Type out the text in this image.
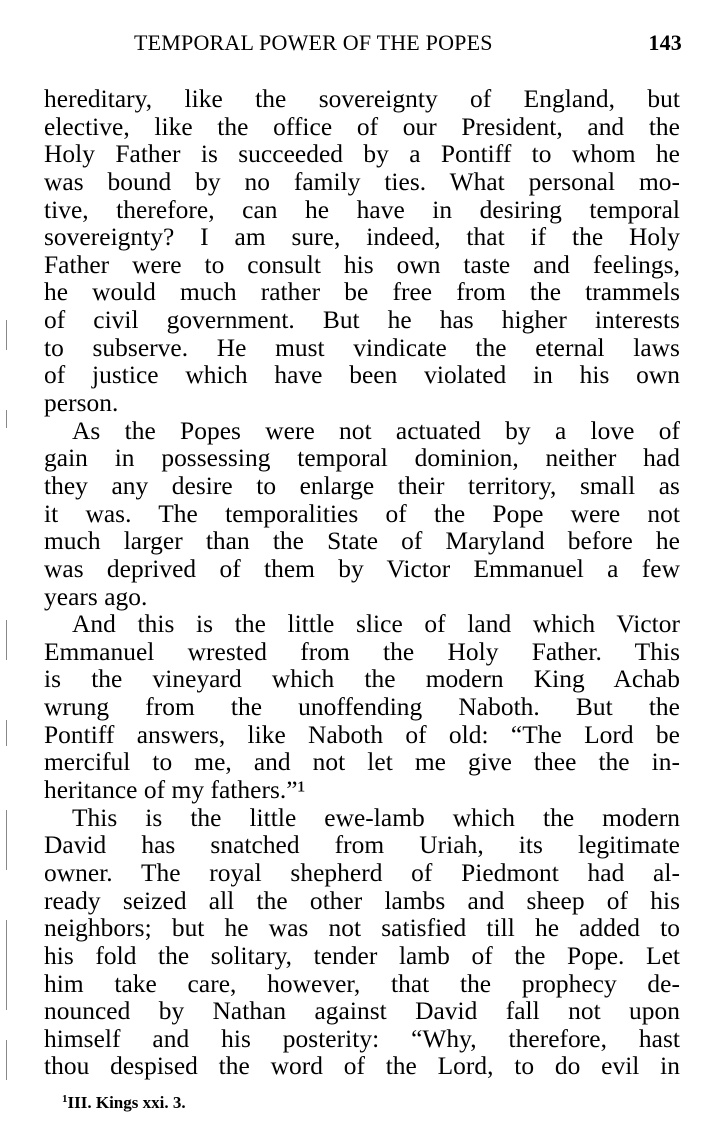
TEMPORAL POWER OF THE POPES	143
hereditary, like the sovereignty of England, but
elective, like the office of our President, and the
Holy Father is succeeded by a Pontiff to whom he
was bound by no family ties. What personal mo-
tive, therefore, can he have in desiring temporal
sovereignty? I am sure, indeed, that if the Holy
Father were to consult his own taste and feelings,
he would much rather be free from the trammels
of civil government. But he has higher interests
to subserve. He must vindicate the eternal laws
of justice which have been violated in his own
person.
As the Popes were not actuated by a love of
gain in possessing temporal dominion, neither had
they any desire to enlarge their territory, small as
it was. The temporalities of the Pope were not
much larger than the State of Maryland before he
was deprived of them by Victor Emmanuel a few
years ago.
And this is the little slice of land which Victor
Emmanuel wrested from the Holy Father. This
is the vineyard which the modern King Achab
wrung from the unoffending Naboth. But the
Pontiff answers, like Naboth of old: “The Lord be
merciful to me, and not let me give thee the in-
heritance of my fathers.”¹
This is the little ewe-lamb which the modern
David has snatched from Uriah, its legitimate
owner. The royal shepherd of Piedmont had al-
ready seized all the other lambs and sheep of his
neighbors; but he was not satisfied till he added to
his fold the solitary, tender lamb of the Pope. Let
him take care, however, that the prophecy de-
nounced by Nathan against David fall not upon
himself and his posterity: “Why, therefore, hast
thou despised the word of the Lord, to do evil in
$^1$III. Kings xxi. 3.
